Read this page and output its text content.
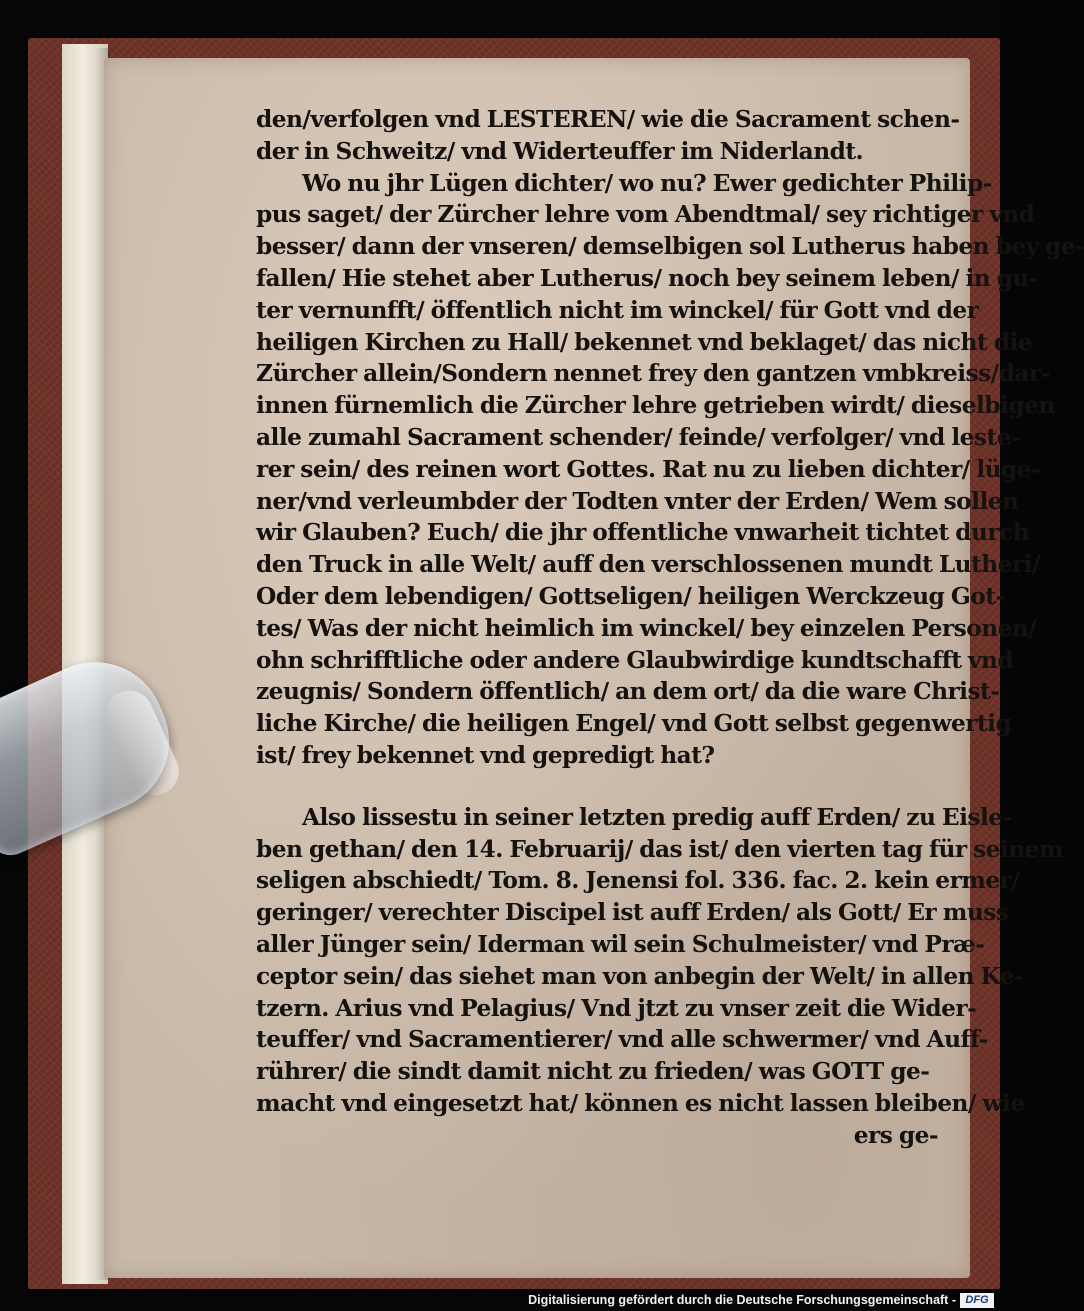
den/verfolgen vnd LESTEREN/ wie die Sacrament schen-
der in Schweitz/ vnd Widerteuffer im Niderlandt.
Wo nu jhr Lügen dichter/ wo nu? Ewer gedichter Philip-
pus saget/ der Zürcher lehre vom Abendtmal/ sey richtiger vnd
besser/ dann der vnseren/ demselbigen sol Lutherus haben bey ge-
fallen/ Hie stehet aber Lutherus/ noch bey seinem leben/ in gu-
ter vernunfft/ öffentlich nicht im winckel/ für Gott vnd der
heiligen Kirchen zu Hall/ bekennet vnd beklaget/ das nicht die
Zürcher allein/Sondern nennet frey den gantzen vmbkreiss/dar-
innen fürnemlich die Zürcher lehre getrieben wirdt/ dieselbigen
alle zumahl Sacrament schender/ feinde/ verfolger/ vnd leste-
rer sein/ des reinen wort Gottes. Rat nu zu lieben dichter/ lüge-
ner/vnd verleumbder der Todten vnter der Erden/ Wem sollen
wir Glauben? Euch/ die jhr offentliche vnwarheit tichtet durch
den Truck in alle Welt/ auff den verschlossenen mundt Lutheri/
Oder dem lebendigen/ Gottseligen/ heiligen Werckzeug Got-
tes/ Was der nicht heimlich im winckel/ bey einzelen Personen/
ohn schrifftliche oder andere Glaubwirdige kundtschafft vnd
zeugnis/ Sondern öffentlich/ an dem ort/ da die ware Christ-
liche Kirche/ die heiligen Engel/ vnd Gott selbst gegenwertig
ist/ frey bekennet vnd gepredigt hat?
Also lissestu in seiner letzten predig auff Erden/ zu Eisle-
ben gethan/ den 14. Februarij/ das ist/ den vierten tag für seinem
seligen abschiedt/ Tom. 8. Jenensi fol. 336. fac. 2. kein ermer/
geringer/ verechter Discipel ist auff Erden/ als Gott/ Er muss
aller Jünger sein/ Iderman wil sein Schulmeister/ vnd Præ-
ceptor sein/ das siehet man von anbegin der Welt/ in allen Ke-
tzern. Arius vnd Pelagius/ Vnd jtzt zu vnser zeit die Wider-
teuffer/ vnd Sacramentierer/ vnd alle schwermer/ vnd Auff-
rührer/ die sindt damit nicht zu frieden/ was GOTT ge-
macht vnd eingesetzt hat/ können es nicht lassen bleiben/ wie
ers ge-
Digitalisierung gefördert durch die Deutsche Forschungsgemeinschaft - DFG
